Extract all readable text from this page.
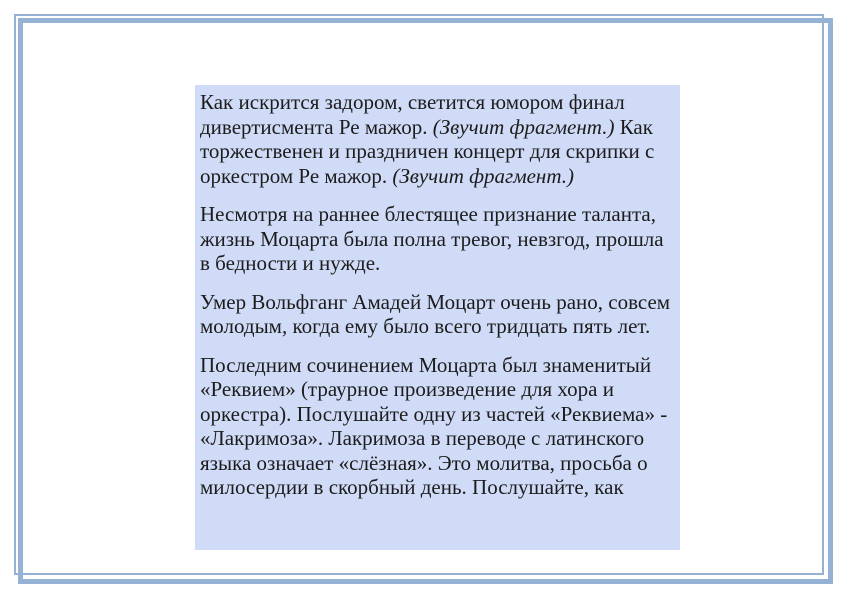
Как искрится задором, светится юмором финал дивертисмента Ре мажор. (Звучит фрагмент.) Как торжественен и праздничен концерт для скрипки с оркестром Ре мажор. (Звучит фрагмент.)

Несмотря на раннее блестящее признание таланта, жизнь Моцарта была полна тревог, невзгод, прошла в бедности и нужде.

Умер Вольфганг Амадей Моцарт очень рано, совсем молодым, когда ему было всего тридцать пять лет.

Последним сочинением Моцарта был знаменитый «Реквием» (траурное произведение для хора и оркестра). Послушайте одну из частей «Реквиема» - «Лакримоза». Лакримоза в переводе с латинского языка означает «слёзная». Это молитва, просьба о милосердии в скорбный день. Послушайте, как
